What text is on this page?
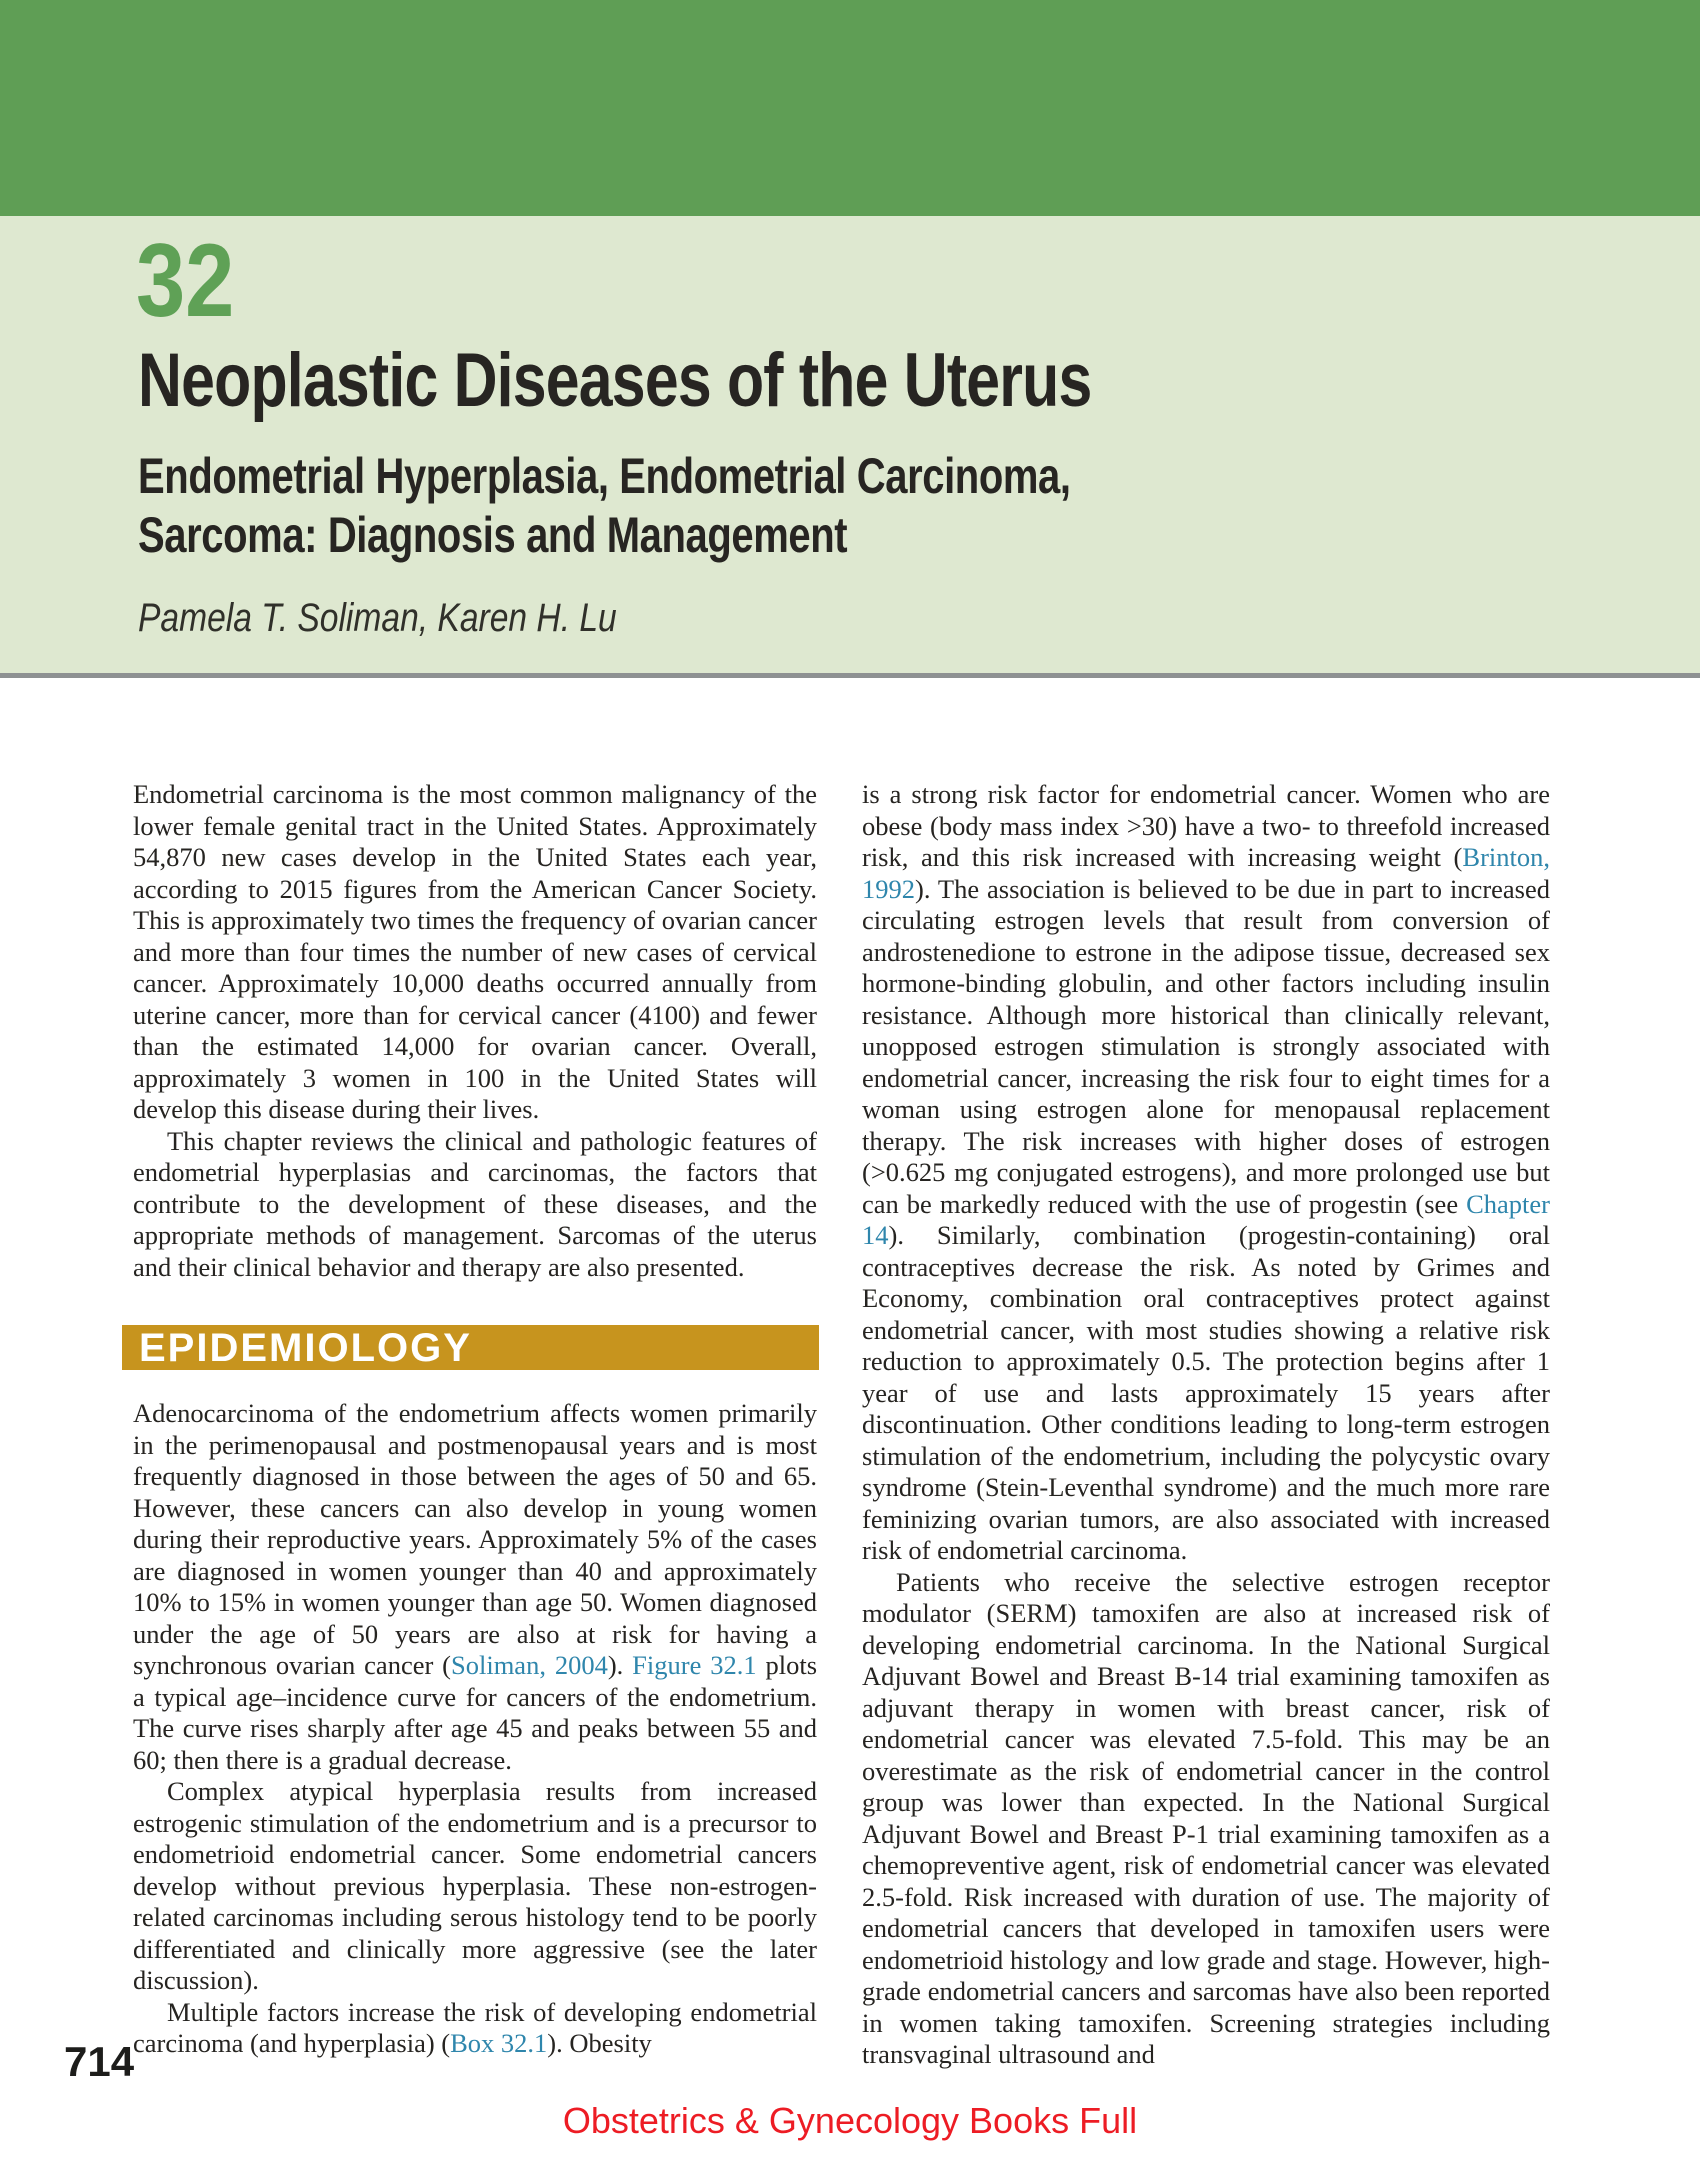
32
Neoplastic Diseases of the Uterus
Endometrial Hyperplasia, Endometrial Carcinoma,
Sarcoma: Diagnosis and Management
Pamela T. Soliman, Karen H. Lu

Endometrial carcinoma is the most common malignancy of the lower female genital tract in the United States. Approximately 54,870 new cases develop in the United States each year, according to 2015 figures from the American Cancer Society. This is approximately two times the frequency of ovarian cancer and more than four times the number of new cases of cervical cancer. Approximately 10,000 deaths occurred annually from uterine cancer, more than for cervical cancer (4100) and fewer than the estimated 14,000 for ovarian cancer. Overall, approximately 3 women in 100 in the United States will develop this disease during their lives.

This chapter reviews the clinical and pathologic features of endometrial hyperplasias and carcinomas, the factors that contribute to the development of these diseases, and the appropriate methods of management. Sarcomas of the uterus and their clinical behavior and therapy are also presented.

EPIDEMIOLOGY

Adenocarcinoma of the endometrium affects women primarily in the perimenopausal and postmenopausal years and is most frequently diagnosed in those between the ages of 50 and 65. However, these cancers can also develop in young women during their reproductive years. Approximately 5% of the cases are diagnosed in women younger than 40 and approximately 10% to 15% in women younger than age 50. Women diagnosed under the age of 50 years are also at risk for having a synchronous ovarian cancer (Soliman, 2004). Figure 32.1 plots a typical age–incidence curve for cancers of the endometrium. The curve rises sharply after age 45 and peaks between 55 and 60; then there is a gradual decrease.

Complex atypical hyperplasia results from increased estrogenic stimulation of the endometrium and is a precursor to endometrioid endometrial cancer. Some endometrial cancers develop without previous hyperplasia. These non-estrogen-related carcinomas including serous histology tend to be poorly differentiated and clinically more aggressive (see the later discussion).

Multiple factors increase the risk of developing endometrial carcinoma (and hyperplasia) (Box 32.1). Obesity

is a strong risk factor for endometrial cancer. Women who are obese (body mass index >30) have a two- to threefold increased risk, and this risk increased with increasing weight (Brinton, 1992). The association is believed to be due in part to increased circulating estrogen levels that result from conversion of androstenedione to estrone in the adipose tissue, decreased sex hormone-binding globulin, and other factors including insulin resistance. Although more historical than clinically relevant, unopposed estrogen stimulation is strongly associated with endometrial cancer, increasing the risk four to eight times for a woman using estrogen alone for menopausal replacement therapy. The risk increases with higher doses of estrogen (>0.625 mg conjugated estrogens), and more prolonged use but can be markedly reduced with the use of progestin (see Chapter 14). Similarly, combination (progestin-containing) oral contraceptives decrease the risk. As noted by Grimes and Economy, combination oral contraceptives protect against endometrial cancer, with most studies showing a relative risk reduction to approximately 0.5. The protection begins after 1 year of use and lasts approximately 15 years after discontinuation. Other conditions leading to long-term estrogen stimulation of the endometrium, including the polycystic ovary syndrome (Stein-Leventhal syndrome) and the much more rare feminizing ovarian tumors, are also associated with increased risk of endometrial carcinoma.

Patients who receive the selective estrogen receptor modulator (SERM) tamoxifen are also at increased risk of developing endometrial carcinoma. In the National Surgical Adjuvant Bowel and Breast B-14 trial examining tamoxifen as adjuvant therapy in women with breast cancer, risk of endometrial cancer was elevated 7.5-fold. This may be an overestimate as the risk of endometrial cancer in the control group was lower than expected. In the National Surgical Adjuvant Bowel and Breast P-1 trial examining tamoxifen as a chemopreventive agent, risk of endometrial cancer was elevated 2.5-fold. Risk increased with duration of use. The majority of endometrial cancers that developed in tamoxifen users were endometrioid histology and low grade and stage. However, high-grade endometrial cancers and sarcomas have also been reported in women taking tamoxifen. Screening strategies including transvaginal ultrasound and

714
Obstetrics & Gynecology Books Full
